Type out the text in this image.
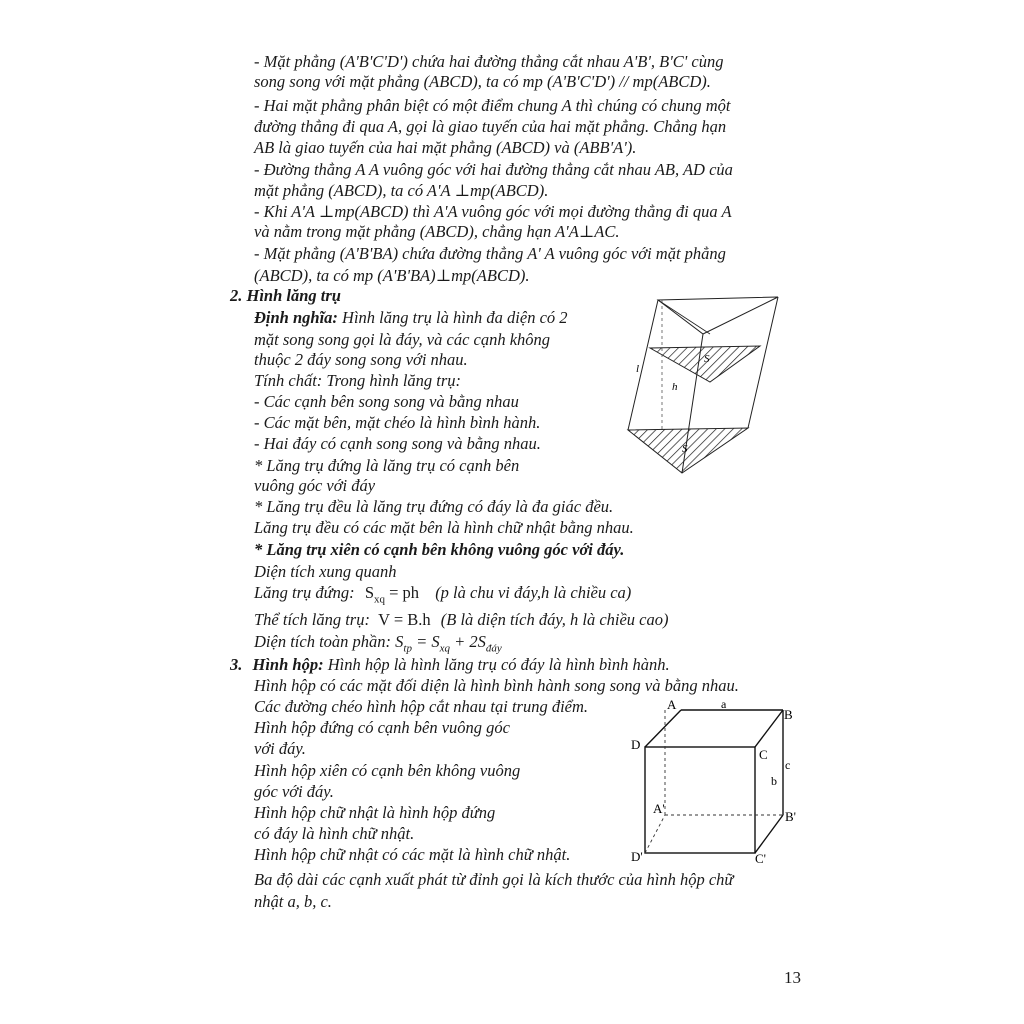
- Mặt phẳng (A'B'C'D') chứa hai đường thẳng cắt nhau A'B', B'C' cùng
song song với mặt phẳng (ABCD), ta có mp (A'B'C'D') // mp(ABCD).
- Hai mặt phẳng phân biệt có một điểm chung A thì chúng có chung một
đường thẳng đi qua A, gọi là giao tuyến của hai mặt phẳng. Chẳng hạn
AB là giao tuyến của hai mặt phẳng (ABCD) và (ABB'A').
- Đường thẳng A A vuông góc với hai đường thẳng cắt nhau AB, AD của
mặt phẳng (ABCD), ta có A'A ⊥mp(ABCD).
- Khi A'A ⊥mp(ABCD) thì A'A vuông góc với mọi đường thẳng đi qua A
và nằm trong mặt phẳng (ABCD), chẳng hạn A'A⊥AC.
- Mặt phẳng (A'B'BA) chứa đường thẳng A' A vuông góc với mặt phẳng
(ABCD), ta có mp (A'B'BA)⊥mp(ABCD).
2. Hình lăng trụ
Định nghĩa: Hình lăng trụ là hình đa diện có 2
mặt song song gọi là đáy, và các cạnh không
thuộc 2 đáy song song với nhau.
Tính chất: Trong hình lăng trụ:
- Các cạnh bên song song và bằng nhau
- Các mặt bên, mặt chéo là hình bình hành.
- Hai đáy có cạnh song song và bằng nhau.
* Lăng trụ đứng là lăng trụ có cạnh bên
vuông góc với đáy
* Lăng trụ đều là lăng trụ đứng có đáy là đa giác đều.
Lăng trụ đều có các mặt bên là hình chữ nhật bằng nhau.
* Lăng trụ xiên có cạnh bên không vuông góc với đáy.
Diện tích xung quanh
Lăng trụ đứng: $S_{xq}$ = ph (p là chu vi đáy,h là chiều ca)
Thể tích lăng trụ: V = B.h (B là diện tích đáy, h là chiều cao)
Diện tích toàn phần: $S_{tp} = S_{xq} + 2S_{đáy}$
S
h
l
S
3. Hình hộp: Hình hộp là hình lăng trụ có đáy là hình bình hành.
Hình hộp có các mặt đối diện là hình bình hành song song và bằng nhau.
Các đường chéo hình hộp cắt nhau tại trung điểm.
Hình hộp đứng có cạnh bên vuông góc
với đáy.
Hình hộp xiên có cạnh bên không vuông
góc với đáy.
Hình hộp chữ nhật là hình hộp đứng
có đáy là hình chữ nhật.
Hình hộp chữ nhật có các mặt là hình chữ nhật.
Ba độ dài các cạnh xuất phát từ đỉnh gọi là kích thước của hình hộp chữ
nhật a, b, c.
A	a
B
D
C
c
b
A'
B'
D'	C'
13
